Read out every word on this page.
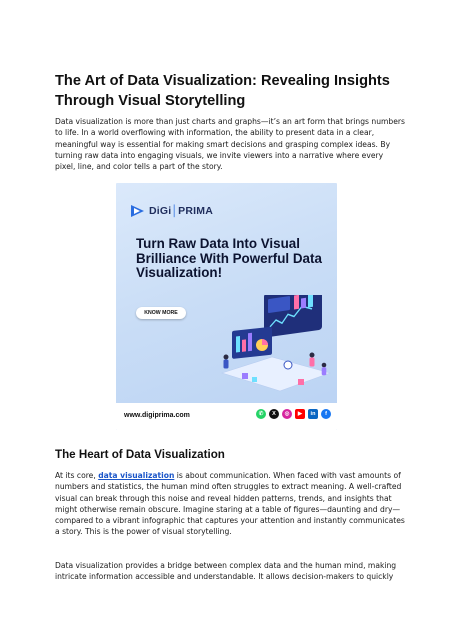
The Art of Data Visualization: Revealing Insights Through Visual Storytelling

Data visualization is more than just charts and graphs—it’s an art form that brings numbers to life. In a world overflowing with information, the ability to present data in a clear, meaningful way is essential for making smart decisions and grasping complex ideas. By turning raw data into engaging visuals, we invite viewers into a narrative where every pixel, line, and color tells a part of the story.

DiGi│PRIMA
Turn Raw Data Into Visual Brilliance With Powerful Data Visualization!
KNOW MORE
www.digiprima.com	✆	X	◎	▶	in	f
The Heart of Data Visualization

At its core, data visualization is about communication. When faced with vast amounts of numbers and statistics, the human mind often struggles to extract meaning. A well-crafted visual can break through this noise and reveal hidden patterns, trends, and insights that might otherwise remain obscure. Imagine staring at a table of figures—daunting and dry—compared to a vibrant infographic that captures your attention and instantly communicates a story. This is the power of visual storytelling.

Data visualization provides a bridge between complex data and the human mind, making intricate information accessible and understandable. It allows decision-makers to quickly
